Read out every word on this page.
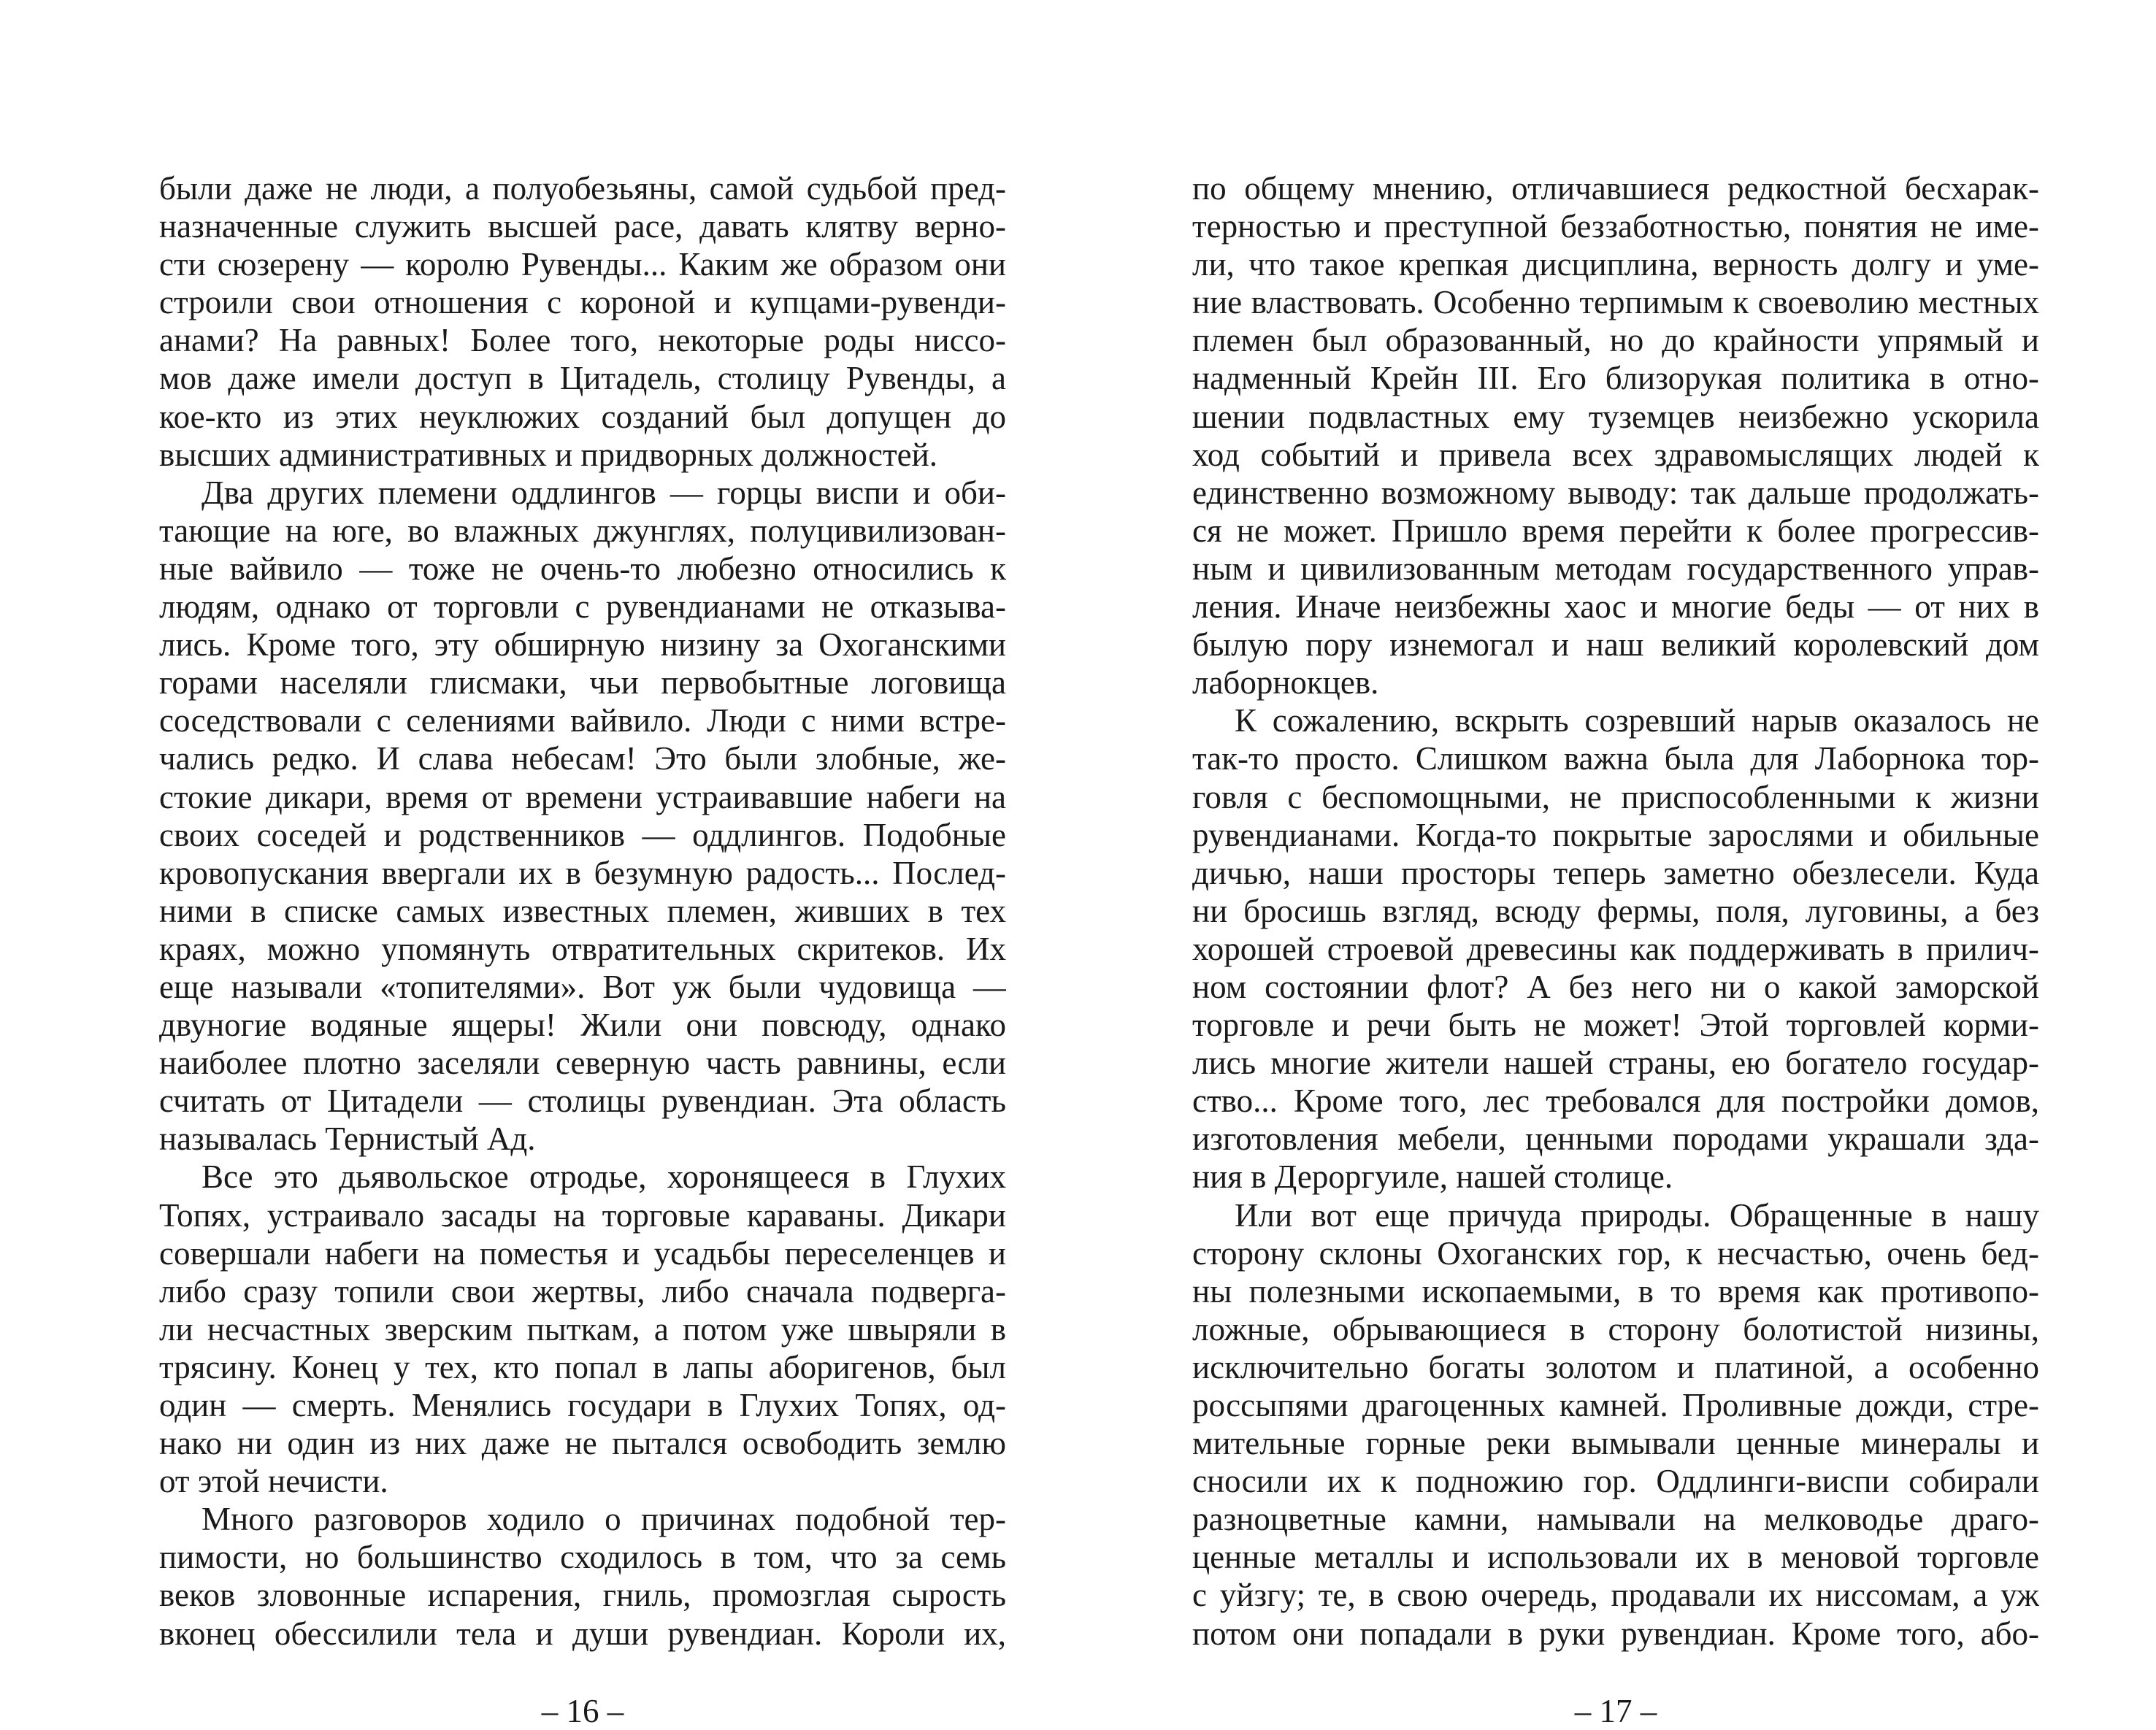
были даже не люди, а полуобезьяны, самой судьбой пред-
назначенные служить высшей расе, давать клятву верно-
сти сюзерену — королю Рувенды... Каким же образом они
строили свои отношения с короной и купцами-рувенди-
анами? На равных! Более того, некоторые роды ниссо-
мов даже имели доступ в Цитадель, столицу Рувенды, а
кое-кто из этих неуклюжих созданий был допущен до
высших административных и придворных должностей.
Два других племени оддлингов — горцы виспи и оби-
тающие на юге, во влажных джунглях, полуцивилизован-
ные вайвило — тоже не очень-то любезно относились к
людям, однако от торговли с рувендианами не отказыва-
лись. Кроме того, эту обширную низину за Охоганскими
горами населяли глисмаки, чьи первобытные логовища
соседствовали с селениями вайвило. Люди с ними встре-
чались редко. И слава небесам! Это были злобные, же-
стокие дикари, время от времени устраивавшие набеги на
своих соседей и родственников — оддлингов. Подобные
кровопускания ввергали их в безумную радость... Послед-
ними в списке самых известных племен, живших в тех
краях, можно упомянуть отвратительных скритеков. Их
еще называли «топителями». Вот уж были чудовища —
двуногие водяные ящеры! Жили они повсюду, однако
наиболее плотно заселяли северную часть равнины, если
считать от Цитадели — столицы рувендиан. Эта область
называлась Тернистый Ад.
Все это дьявольское отродье, хоронящееся в Глухих
Топях, устраивало засады на торговые караваны. Дикари
совершали набеги на поместья и усадьбы переселенцев и
либо сразу топили свои жертвы, либо сначала подверга-
ли несчастных зверским пыткам, а потом уже швыряли в
трясину. Конец у тех, кто попал в лапы аборигенов, был
один — смерть. Менялись государи в Глухих Топях, од-
нако ни один из них даже не пытался освободить землю
от этой нечисти.
Много разговоров ходило о причинах подобной тер-
пимости, но большинство сходилось в том, что за семь
веков зловонные испарения, гниль, промозглая сырость
вконец обессилили тела и души рувендиан. Короли их,
– 16 –
по общему мнению, отличавшиеся редкостной бесхарак-
терностью и преступной беззаботностью, понятия не име-
ли, что такое крепкая дисциплина, верность долгу и уме-
ние властвовать. Особенно терпимым к своеволию местных
племен был образованный, но до крайности упрямый и
надменный Крейн III. Его близорукая политика в отно-
шении подвластных ему туземцев неизбежно ускорила
ход событий и привела всех здравомыслящих людей к
единственно возможному выводу: так дальше продолжать-
ся не может. Пришло время перейти к более прогрессив-
ным и цивилизованным методам государственного управ-
ления. Иначе неизбежны хаос и многие беды — от них в
былую пору изнемогал и наш великий королевский дом
лаборнокцев.
К сожалению, вскрыть созревший нарыв оказалось не
так-то просто. Слишком важна была для Лаборнока тор-
говля с беспомощными, не приспособленными к жизни
рувендианами. Когда-то покрытые зарослями и обильные
дичью, наши просторы теперь заметно обезлесели. Куда
ни бросишь взгляд, всюду фермы, поля, луговины, а без
хорошей строевой древесины как поддерживать в прилич-
ном состоянии флот? А без него ни о какой заморской
торговле и речи быть не может! Этой торговлей корми-
лись многие жители нашей страны, ею богатело государ-
ство... Кроме того, лес требовался для постройки домов,
изготовления мебели, ценными породами украшали зда-
ния в Дероргуиле, нашей столице.
Или вот еще причуда природы. Обращенные в нашу
сторону склоны Охоганских гор, к несчастью, очень бед-
ны полезными ископаемыми, в то время как противопо-
ложные, обрывающиеся в сторону болотистой низины,
исключительно богаты золотом и платиной, а особенно
россыпями драгоценных камней. Проливные дожди, стре-
мительные горные реки вымывали ценные минералы и
сносили их к подножию гор. Оддлинги-виспи собирали
разноцветные камни, намывали на мелководье драго-
ценные металлы и использовали их в меновой торговле
с уйзгу; те, в свою очередь, продавали их ниссомам, а уж
потом они попадали в руки рувендиан. Кроме того, або-
– 17 –
